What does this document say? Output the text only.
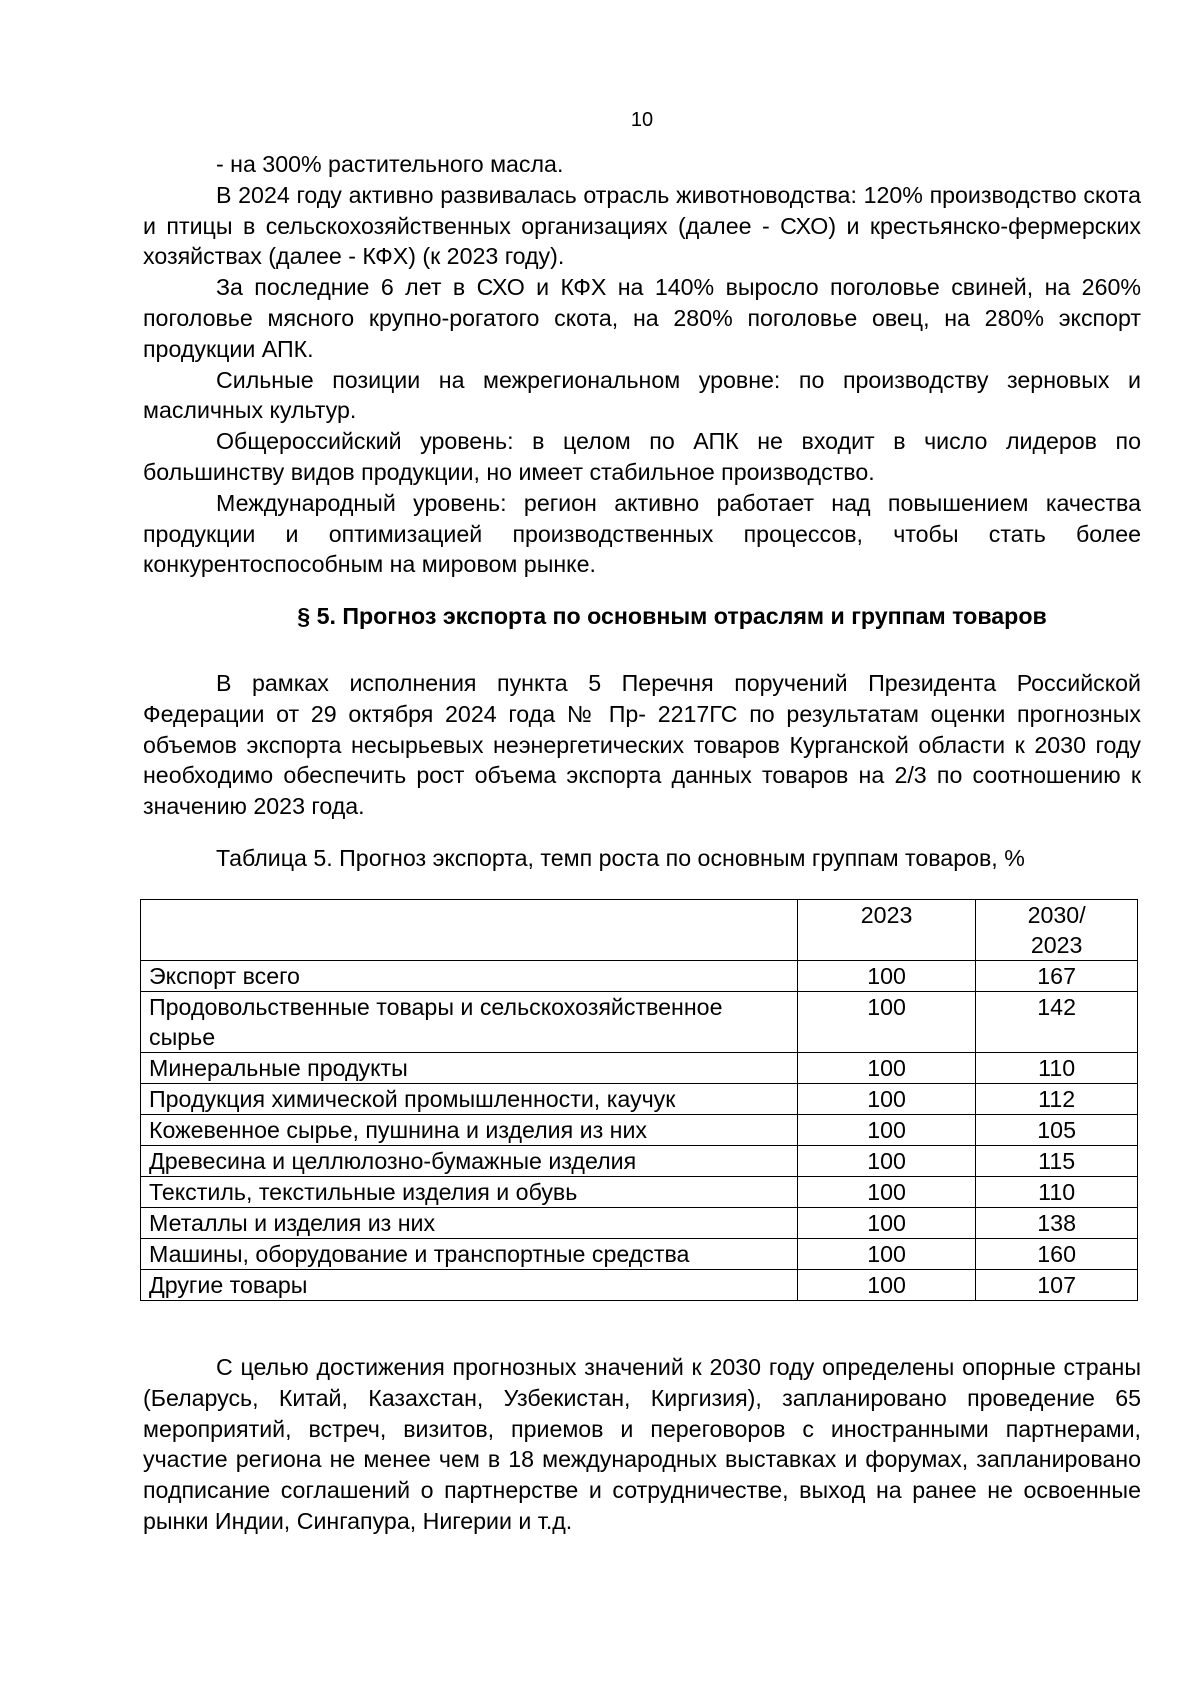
10

- на 300% растительного масла.

В 2024 году активно развивалась отрасль животноводства: 120% производство скота и птицы в сельскохозяйственных организациях (далее - СХО) и крестьянско-фермерских хозяйствах (далее - КФХ) (к 2023 году).

За последние 6 лет в СХО и КФХ на 140% выросло поголовье свиней, на 260% поголовье мясного крупно-рогатого скота, на 280% поголовье овец, на 280% экспорт продукции АПК.

Сильные позиции на межрегиональном уровне: по производству зерновых и масличных культур.

Общероссийский уровень: в целом по АПК не входит в число лидеров по большинству видов продукции, но имеет стабильное производство.

Международный уровень: регион активно работает над повышением качества продукции и оптимизацией производственных процессов, чтобы стать более конкурентоспособным на мировом рынке.

§ 5. Прогноз экспорта по основным отраслям и группам товаров

В рамках исполнения пункта 5 Перечня поручений Президента Российской Федерации от 29 октября 2024 года № Пр- 2217ГС по результатам оценки прогнозных объемов экспорта несырьевых неэнергетических товаров Курганской области к 2030 году необходимо обеспечить рост объема экспорта данных товаров на 2/3 по соотношению к значению 2023 года.

Таблица 5. Прогноз экспорта, темп роста по основным группам товаров, %
	2023	2030/
2023
Экспорт всего	100	167
Продовольственные товары и сельскохозяйственное сырье	100	142
Минеральные продукты	100	110
Продукция химической промышленности, каучук	100	112
Кожевенное сырье, пушнина и изделия из них	100	105
Древесина и целлюлозно-бумажные изделия	100	115
Текстиль, текстильные изделия и обувь	100	110
Металлы и изделия из них	100	138
Машины, оборудование и транспортные средства	100	160
Другие товары	100	107

С целью достижения прогнозных значений к 2030 году определены опорные страны (Беларусь, Китай, Казахстан, Узбекистан, Киргизия), запланировано проведение 65 мероприятий, встреч, визитов, приемов и переговоров с иностранными партнерами, участие региона не менее чем в 18 международных выставках и форумах, запланировано подписание соглашений о партнерстве и сотрудничестве, выход на ранее не освоенные рынки Индии, Сингапура, Нигерии и т.д.
